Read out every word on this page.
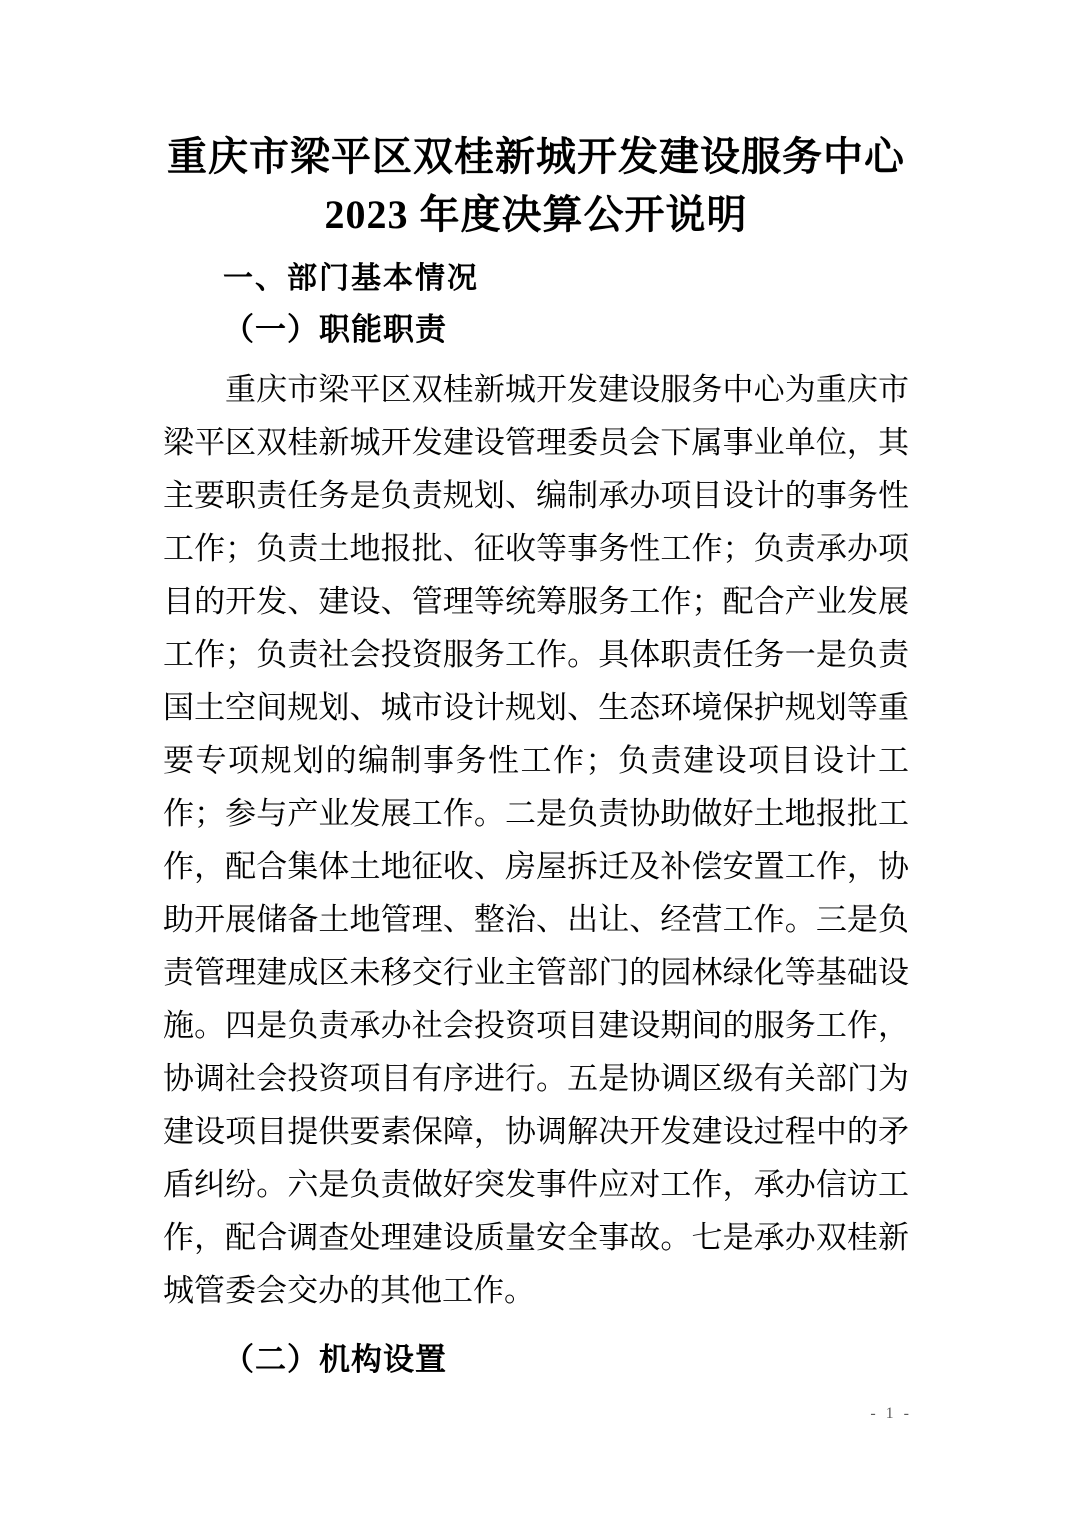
重庆市梁平区双桂新城开发建设服务中心
2023 年度决算公开说明
一、部门基本情况
（一）职能职责

重庆市梁平区双桂新城开发建设服务中心为重庆市梁平区双桂新城开发建设管理委员会下属事业单位，其主要职责任务是负责规划、编制承办项目设计的事务性工作；负责土地报批、征收等事务性工作；负责承办项目的开发、建设、管理等统筹服务工作；配合产业发展工作；负责社会投资服务工作。具体职责任务一是负责国土空间规划、城市设计规划、生态环境保护规划等重要专项规划的编制事务性工作；负责建设项目设计工作；参与产业发展工作。二是负责协助做好土地报批工作，配合集体土地征收、房屋拆迁及补偿安置工作，协助开展储备土地管理、整治、出让、经营工作。三是负责管理建成区未移交行业主管部门的园林绿化等基础设施。四是负责承办社会投资项目建设期间的服务工作，协调社会投资项目有序进行。五是协调区级有关部门为建设项目提供要素保障，协调解决开发建设过程中的矛盾纠纷。六是负责做好突发事件应对工作，承办信访工作，配合调查处理建设质量安全事故。七是承办双桂新城管委会交办的其他工作。

（二）机构设置
- 1 -
